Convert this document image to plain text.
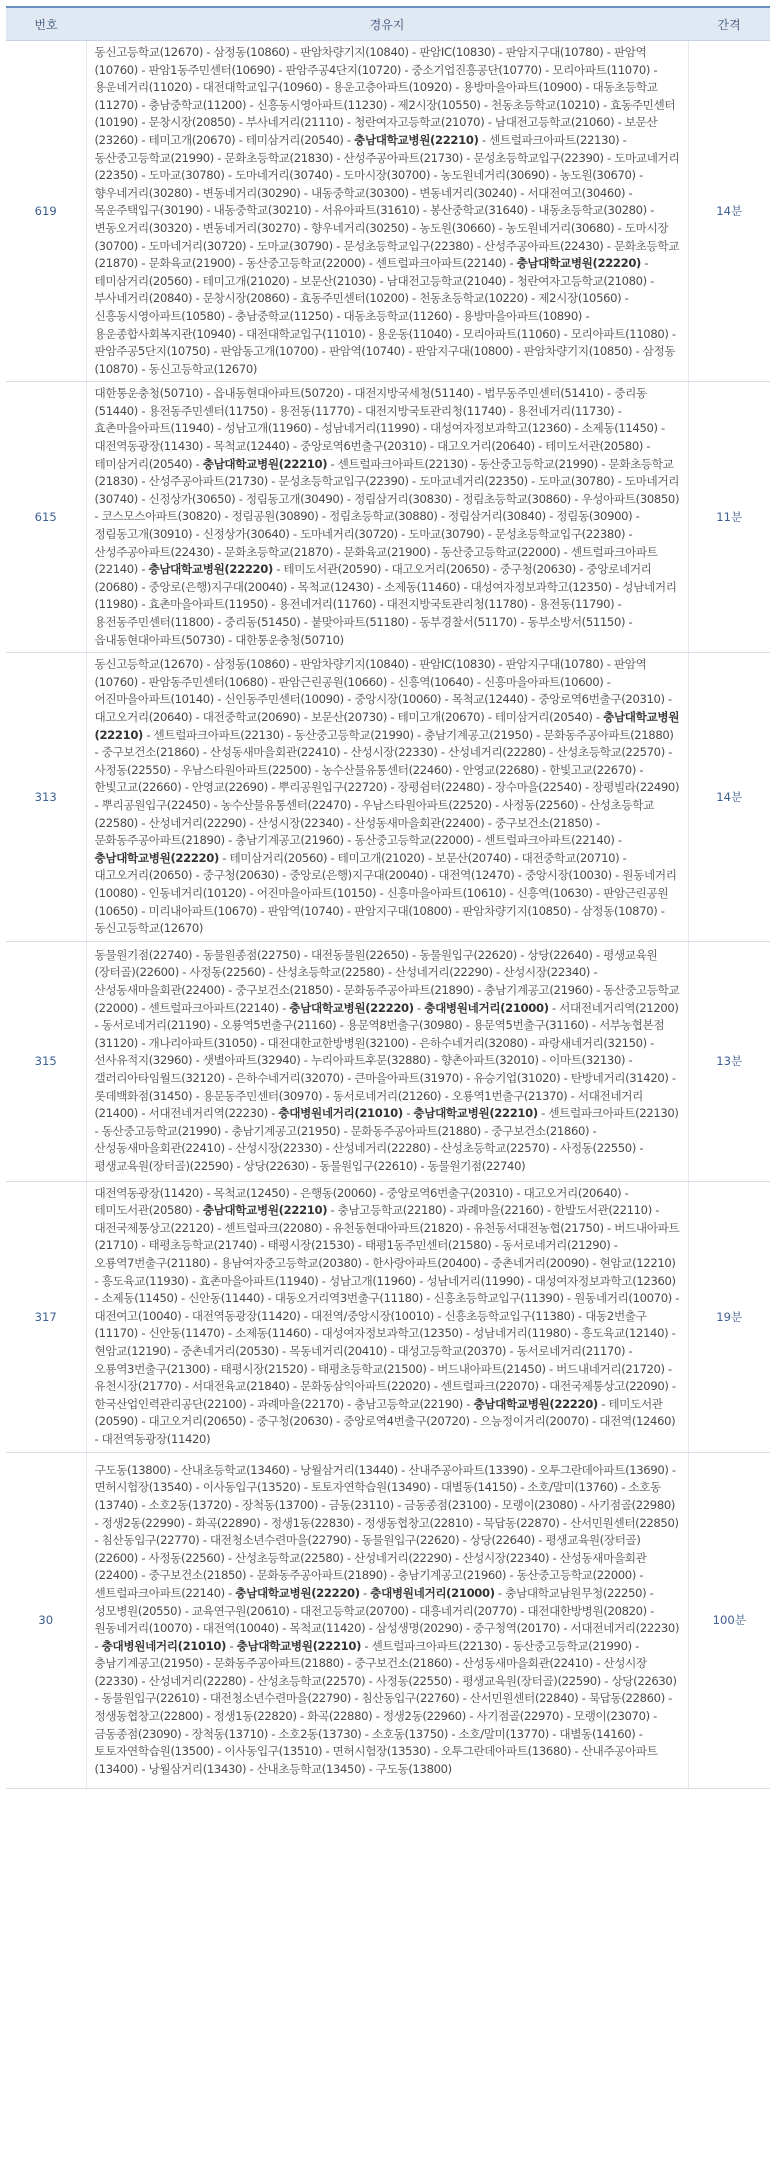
번호	경유지	간격
619	동신고등학교(12670) - 삼정동(10860) - 판암차량기지(10840) - 판암IC(10830) - 판암지구대(10780) - 판암역(10760) - 판암1동주민센터(10690) - 판암주공4단지(10720) - 중소기업진흥공단(10770) - 모리아파트(11070) - 용운네거리(11020) - 대전대학교입구(10960) - 용운고층아파트(10920) - 용방마을아파트(10900) - 대동초등학교(11270) - 충남중학교(11200) - 신흥동시영아파트(11230) - 제2시장(10550) - 천동초등학교(10210) - 효동주민센터(10190) - 문창시장(20850) - 부사네거리(21110) - 청란여자고등학교(21070) - 남대전고등학교(21060) - 보문산(23260) - 테미고개(20670) - 테미삼거리(20540) - 충남대학교병원(22210) - 센트럴파크아파트(22130) - 동산중고등학교(21990) - 문화초등학교(21830) - 산성주공아파트(21730) - 문성초등학교입구(22390) - 도마교네거리(22350) - 도마교(30780) - 도마네거리(30740) - 도마시장(30700) - 농도원네거리(30690) - 농도원(30670) - 향우네거리(30280) - 변동네거리(30290) - 내동중학교(30300) - 변동네거리(30240) - 서대전여고(30460) - 목운주택입구(30190) - 내동중학교(30210) - 서유아파트(31610) - 봉산중학교(31640) - 내동초등학교(30280) - 변동오거리(30320) - 변동네거리(30270) - 향우네거리(30250) - 농도원(30660) - 농도원네거리(30680) - 도마시장(30700) - 도마네거리(30720) - 도마교(30790) - 문성초등학교입구(22380) - 산성주공아파트(22430) - 문화초등학교(21870) - 문화육교(21900) - 동산중고등학교(22000) - 센트럴파크아파트(22140) - 충남대학교병원(22220) - 테미삼거리(20560) - 테미고개(21020) - 보문산(21030) - 남대전고등학교(21040) - 청란여자고등학교(21080) - 부사네거리(20840) - 문창시장(20860) - 효동주민센터(10200) - 천동초등학교(10220) - 제2시장(10560) - 신흥동시영아파트(10580) - 충남중학교(11250) - 대동초등학교(11260) - 용방마을아파트(10890) - 용운종합사회복지관(10940) - 대전대학교입구(11010) - 용운동(11040) - 모리아파트(11060) - 모리아파트(11080) - 판암주공5단지(10750) - 판암동고개(10700) - 판암역(10740) - 판암지구대(10800) - 판암차량기지(10850) - 삼정동(10870) - 동신고등학교(12670)	14분
615	대한통운충청(50710) - 읍내동현대아파트(50720) - 대전지방국세청(51140) - 법무동주민센터(51410) - 중리동(51440) - 용전동주민센터(11750) - 용전동(11770) - 대전지방국토관리청(11740) - 용전네거리(11730) - 효촌마을아파트(11940) - 성남고개(11960) - 성남네거리(11990) - 대성여자정보과학고(12360) - 소제동(11450) - 대전역동광장(11430) - 목척교(12440) - 중앙로역6번출구(20310) - 대고오거리(20640) - 테미도서관(20580) - 테미삼거리(20540) - 충남대학교병원(22210) - 센트럴파크아파트(22130) - 동산중고등학교(21990) - 문화초등학교(21830) - 산성주공아파트(21730) - 문성초등학교입구(22390) - 도마교네거리(22350) - 도마교(30780) - 도마네거리(30740) - 신정상가(30650) - 정림동고개(30490) - 정림삼거리(30830) - 정림초등학교(30860) - 우성아파트(30850) - 코스모스아파트(30820) - 정림공원(30890) - 정림초등학교(30880) - 정림삼거리(30840) - 정림동(30900) - 정림동고개(30910) - 신정상가(30640) - 도마네거리(30720) - 도마교(30790) - 문성초등학교입구(22380) - 산성주공아파트(22430) - 문화초등학교(21870) - 문화육교(21900) - 동산중고등학교(22000) - 센트럴파크아파트(22140) - 충남대학교병원(22220) - 테미도서관(20590) - 대고오거리(20650) - 중구청(20630) - 중앙로네거리(20680) - 중앙로(은행)지구대(20040) - 목척교(12430) - 소제동(11460) - 대성여자정보과학고(12350) - 성남네거리(11980) - 효촌마을아파트(11950) - 용전네거리(11760) - 대전지방국토관리청(11780) - 용전동(11790) - 용전동주민센터(11800) - 중리동(51450) - 붙맞아파트(51180) - 동부경찰서(51170) - 동부소방서(51150) - 읍내동현대아파트(50730) - 대한통운충청(50710)	11분
313	동신고등학교(12670) - 삼정동(10860) - 판암차량기지(10840) - 판암IC(10830) - 판암지구대(10780) - 판암역(10760) - 판암동주민센터(10680) - 판암근린공원(10660) - 신흥역(10640) - 신흥마을아파트(10600) - 어진마을아파트(10140) - 신인동주민센터(10090) - 중앙시장(10060) - 목척교(12440) - 중앙로역6번출구(20310) - 대고오거리(20640) - 대전중학교(20690) - 보문산(20730) - 테미고개(20670) - 테미삼거리(20540) - 충남대학교병원(22210) - 센트럴파크아파트(22130) - 동산중고등학교(21990) - 충남기계공고(21950) - 문화동주공아파트(21880) - 중구보건소(21860) - 산성동새마을회관(22410) - 산성시장(22330) - 산성네거리(22280) - 산성초등학교(22570) - 사정동(22550) - 우남스타원아파트(22500) - 농수산물유통센터(22460) - 안영교(22680) - 한빛고교(22670) - 한빛고교(22660) - 안영교(22690) - 뿌리공원입구(22720) - 장평쉼터(22480) - 장수마을(22540) - 장평빌라(22490) - 뿌리공원입구(22450) - 농수산물유통센터(22470) - 우남스타원아파트(22520) - 사정동(22560) - 산성초등학교(22580) - 산성네거리(22290) - 산성시장(22340) - 산성동새마을회관(22400) - 중구보건소(21850) - 문화동주공아파트(21890) - 충남기계공고(21960) - 동산중고등학교(22000) - 센트럴파크아파트(22140) - 충남대학교병원(22220) - 테미삼거리(20560) - 테미고개(21020) - 보문산(20740) - 대전중학교(20710) - 대고오거리(20650) - 중구청(20630) - 중앙로(은행)지구대(20040) - 대전역(12470) - 중앙시장(10030) - 원동네거리(10080) - 인동네거리(10120) - 어진마을아파트(10150) - 신흥마을아파트(10610) - 신흥역(10630) - 판암근린공원(10650) - 미리내아파트(10670) - 판암역(10740) - 판암지구대(10800) - 판암차량기지(10850) - 삼정동(10870) - 동신고등학교(12670)	14분
315	동물원기점(22740) - 동물원종점(22750) - 대전동물원(22650) - 동물원입구(22620) - 상당(22640) - 평생교육원(장터골)(22600) - 사정동(22560) - 산성초등학교(22580) - 산성네거리(22290) - 산성시장(22340) - 산성동새마을회관(22400) - 중구보건소(21850) - 문화동주공아파트(21890) - 충남기계공고(21960) - 동산중고등학교(22000) - 센트럴파크아파트(22140) - 충남대학교병원(22220) - 충대병원네거리(21000) - 서대전네거리역(21200) - 동서로네거리(21190) - 오룡역5번출구(21160) - 용문역8번출구(30980) - 용문역5번출구(31160) - 서부농협본점(31120) - 개나리아파트(31050) - 대전대한교한방병원(32100) - 은하수네거리(32080) - 파랑새네거리(32150) - 선사유적지(32960) - 샛별아파트(32940) - 누리아파트후문(32880) - 향촌아파트(32010) - 이마트(32130) - 갤러리아타임월드(32120) - 은하수네거리(32070) - 큰마을아파트(31970) - 유승기업(31020) - 탄방네거리(31420) - 롯데백화점(31450) - 용문동주민센터(30970) - 동서로네거리(21260) - 오룡역1번출구(21370) - 서대전네거리(21400) - 서대전네거리역(22230) - 충대병원네거리(21010) - 충남대학교병원(22210) - 센트럴파크아파트(22130) - 동산중고등학교(21990) - 충남기계공고(21950) - 문화동주공아파트(21880) - 중구보건소(21860) - 산성동새마을회관(22410) - 산성시장(22330) - 산성네거리(22280) - 산성초등학교(22570) - 사정동(22550) - 평생교육원(장터골)(22590) - 상당(22630) - 동물원입구(22610) - 동물원기점(22740)	13분
317	대전역동광장(11420) - 목척교(12450) - 은행동(20060) - 중앙로역6번출구(20310) - 대고오거리(20640) - 테미도서관(20580) - 충남대학교병원(22210) - 충남고등학교(22180) - 과례마을(22160) - 한발도서관(22110) - 대전국제통상고(22120) - 센트럴파크(22080) - 유천동현대아파트(21820) - 유천동서대전농협(21750) - 버드내아파트(21710) - 태평초등학교(21740) - 태평시장(21530) - 태평1동주민센터(21580) - 동서로네거리(21290) - 오룡역7번출구(21180) - 용남여자중고등학교(20380) - 한사랑아파트(20400) - 중촌네거리(20090) - 현암교(12210) - 흥도육교(11930) - 효촌마을아파트(11940) - 성남고개(11960) - 성남네거리(11990) - 대성여자정보과학고(12360) - 소제동(11450) - 신안동(11440) - 대동오거리역3번출구(11180) - 신흥초등학교입구(11390) - 원동네거리(10070) - 대전여고(10040) - 대전역동광장(11420) - 대전역/중앙시장(10010) - 신흥초등학교입구(11380) - 대동2번출구(11170) - 신안동(11470) - 소제동(11460) - 대성여자정보과학고(12350) - 성남네거리(11980) - 흥도육교(12140) - 현암교(12190) - 중촌네거리(20530) - 목동네거리(20410) - 대성고등학교(20370) - 동서로네거리(21170) - 오룡역3번출구(21300) - 태평시장(21520) - 태평초등학교(21500) - 버드내아파트(21450) - 버드내네거리(21720) - 유천시장(21770) - 서대전육교(21840) - 문화동삼익아파트(22020) - 센트럴파크(22070) - 대전국제통상고(22090) - 한국산업인력관리공단(22100) - 과례마을(22170) - 충남고등학교(22190) - 충남대학교병원(22220) - 테미도서관(20590) - 대고오거리(20650) - 중구청(20630) - 중앙로역4번출구(20720) - 으능정이거리(20070) - 대전역(12460) - 대전역동광장(11420)	19분
30	구도동(13800) - 산내초등학교(13460) - 낭월삼거리(13440) - 산내주공아파트(13390) - 오투그란데아파트(13690) - 면허시험장(13540) - 이사동입구(13520) - 토토자연학습원(13490) - 대별동(14150) - 소호/말미(13760) - 소호동(13740) - 소호2동(13720) - 장척동(13700) - 금동(23110) - 금동종점(23100) - 모랭이(23080) - 사기점골(22980) - 정생2동(22990) - 화곡(22890) - 정생1동(22830) - 정생동협창고(22810) - 묵답동(22870) - 산서민원센터(22850) - 침산동입구(22770) - 대전청소년수련마을(22790) - 동물원입구(22620) - 상당(22640) - 평생교육원(장터골)(22600) - 사정동(22560) - 산성초등학교(22580) - 산성네거리(22290) - 산성시장(22340) - 산성동새마을회관(22400) - 중구보건소(21850) - 문화동주공아파트(21890) - 충남기계공고(21960) - 동산중고등학교(22000) - 센트럴파크아파트(22140) - 충남대학교병원(22220) - 충대병원네거리(21000) - 충남대학교남원무청(22250) - 성모병원(20550) - 교육연구원(20610) - 대전고등학교(20700) - 대흥네거리(20770) - 대전대한방병원(20820) - 원동네거리(10070) - 대전역(10040) - 목척교(11420) - 삼성생명(20290) - 중구청역(20170) - 서대전네거리(22230) - 충대병원네거리(21010) - 충남대학교병원(22210) - 센트럴파크아파트(22130) - 동산중고등학교(21990) - 충남기계공고(21950) - 문화동주공아파트(21880) - 중구보건소(21860) - 산성동새마을회관(22410) - 산성시장(22330) - 산성네거리(22280) - 산성초등학교(22570) - 사정동(22550) - 평생교육원(장터골)(22590) - 상당(22630) - 동물원입구(22610) - 대전청소년수련마을(22790) - 침산동입구(22760) - 산서민원센터(22840) - 묵답동(22860) - 정생동협창고(22800) - 정생1동(22820) - 화곡(22880) - 정생2동(22960) - 사기점골(22970) - 모랭이(23070) - 금동종점(23090) - 장척동(13710) - 소호2동(13730) - 소호동(13750) - 소호/말미(13770) - 대별동(14160) - 토토자연학습원(13500) - 이사동입구(13510) - 면허시험장(13530) - 오투그란데아파트(13680) - 산내주공아파트(13400) - 낭월삼거리(13430) - 산내초등학교(13450) - 구도동(13800)	100분
